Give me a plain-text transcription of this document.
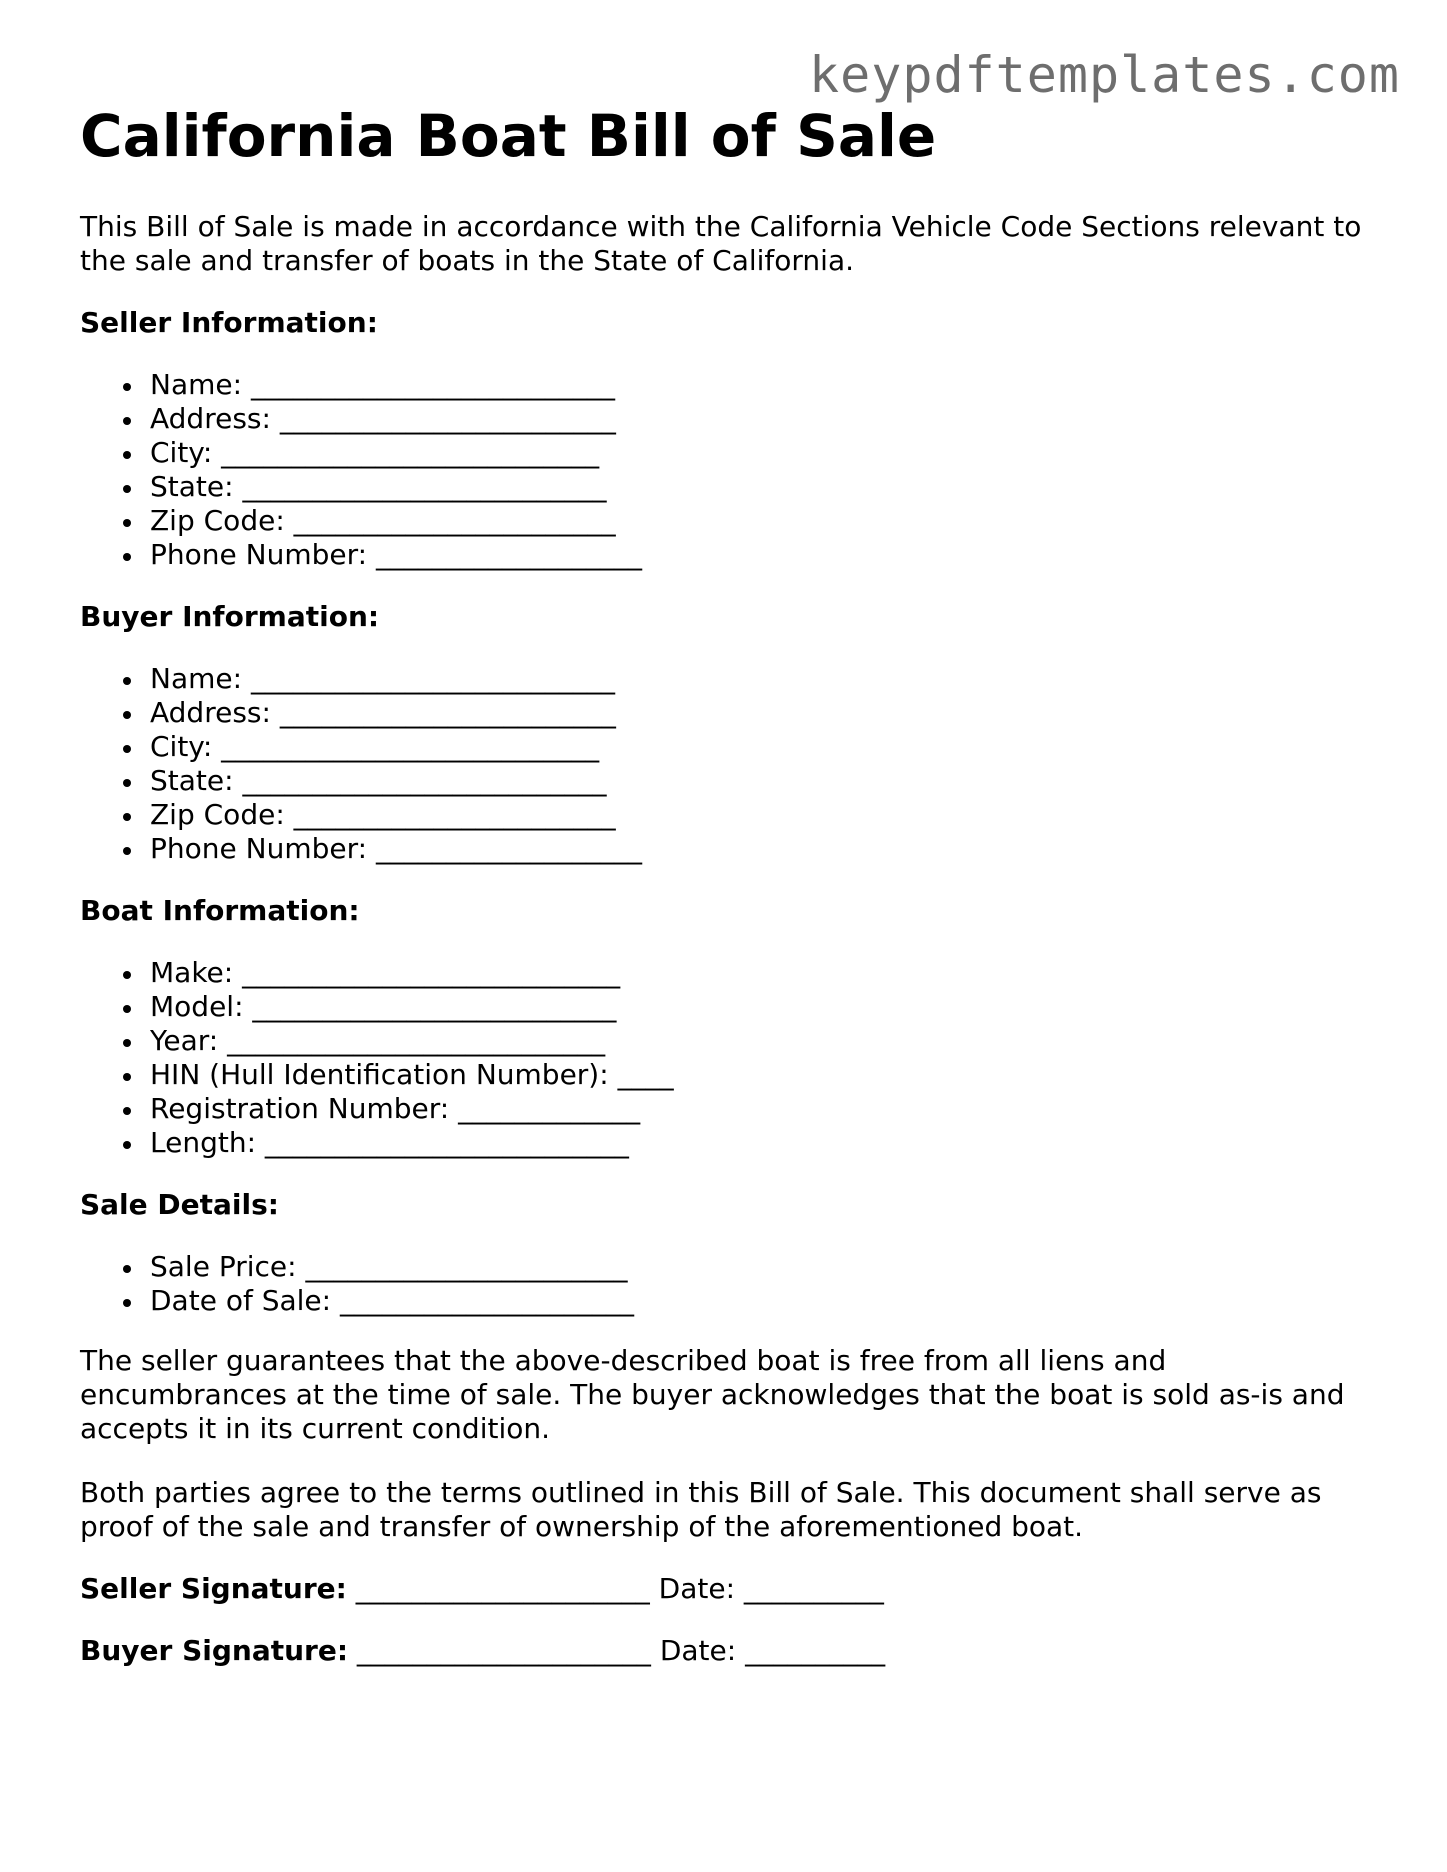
keypdftemplates.com
California Boat Bill of Sale

This Bill of Sale is made in accordance with the California Vehicle Code Sections relevant to the sale and transfer of boats in the State of California.

Seller Information:
Name: __________________________
Address: ________________________
City: ___________________________
State: __________________________
Zip Code: _______________________
Phone Number: ___________________
Buyer Information:
Name: __________________________
Address: ________________________
City: ___________________________
State: __________________________
Zip Code: _______________________
Phone Number: ___________________
Boat Information:
Make: ___________________________
Model: __________________________
Year: ___________________________
HIN (Hull Identification Number): ____
Registration Number: _____________
Length: __________________________
Sale Details:
Sale Price: _______________________
Date of Sale: _____________________

The seller guarantees that the above-described boat is free from all liens and encumbrances at the time of sale. The buyer acknowledges that the boat is sold as-is and accepts it in its current condition.

Both parties agree to the terms outlined in this Bill of Sale. This document shall serve as proof of the sale and transfer of ownership of the aforementioned boat.

Seller Signature: _____________________ Date: __________
Buyer Signature: _____________________ Date: __________
